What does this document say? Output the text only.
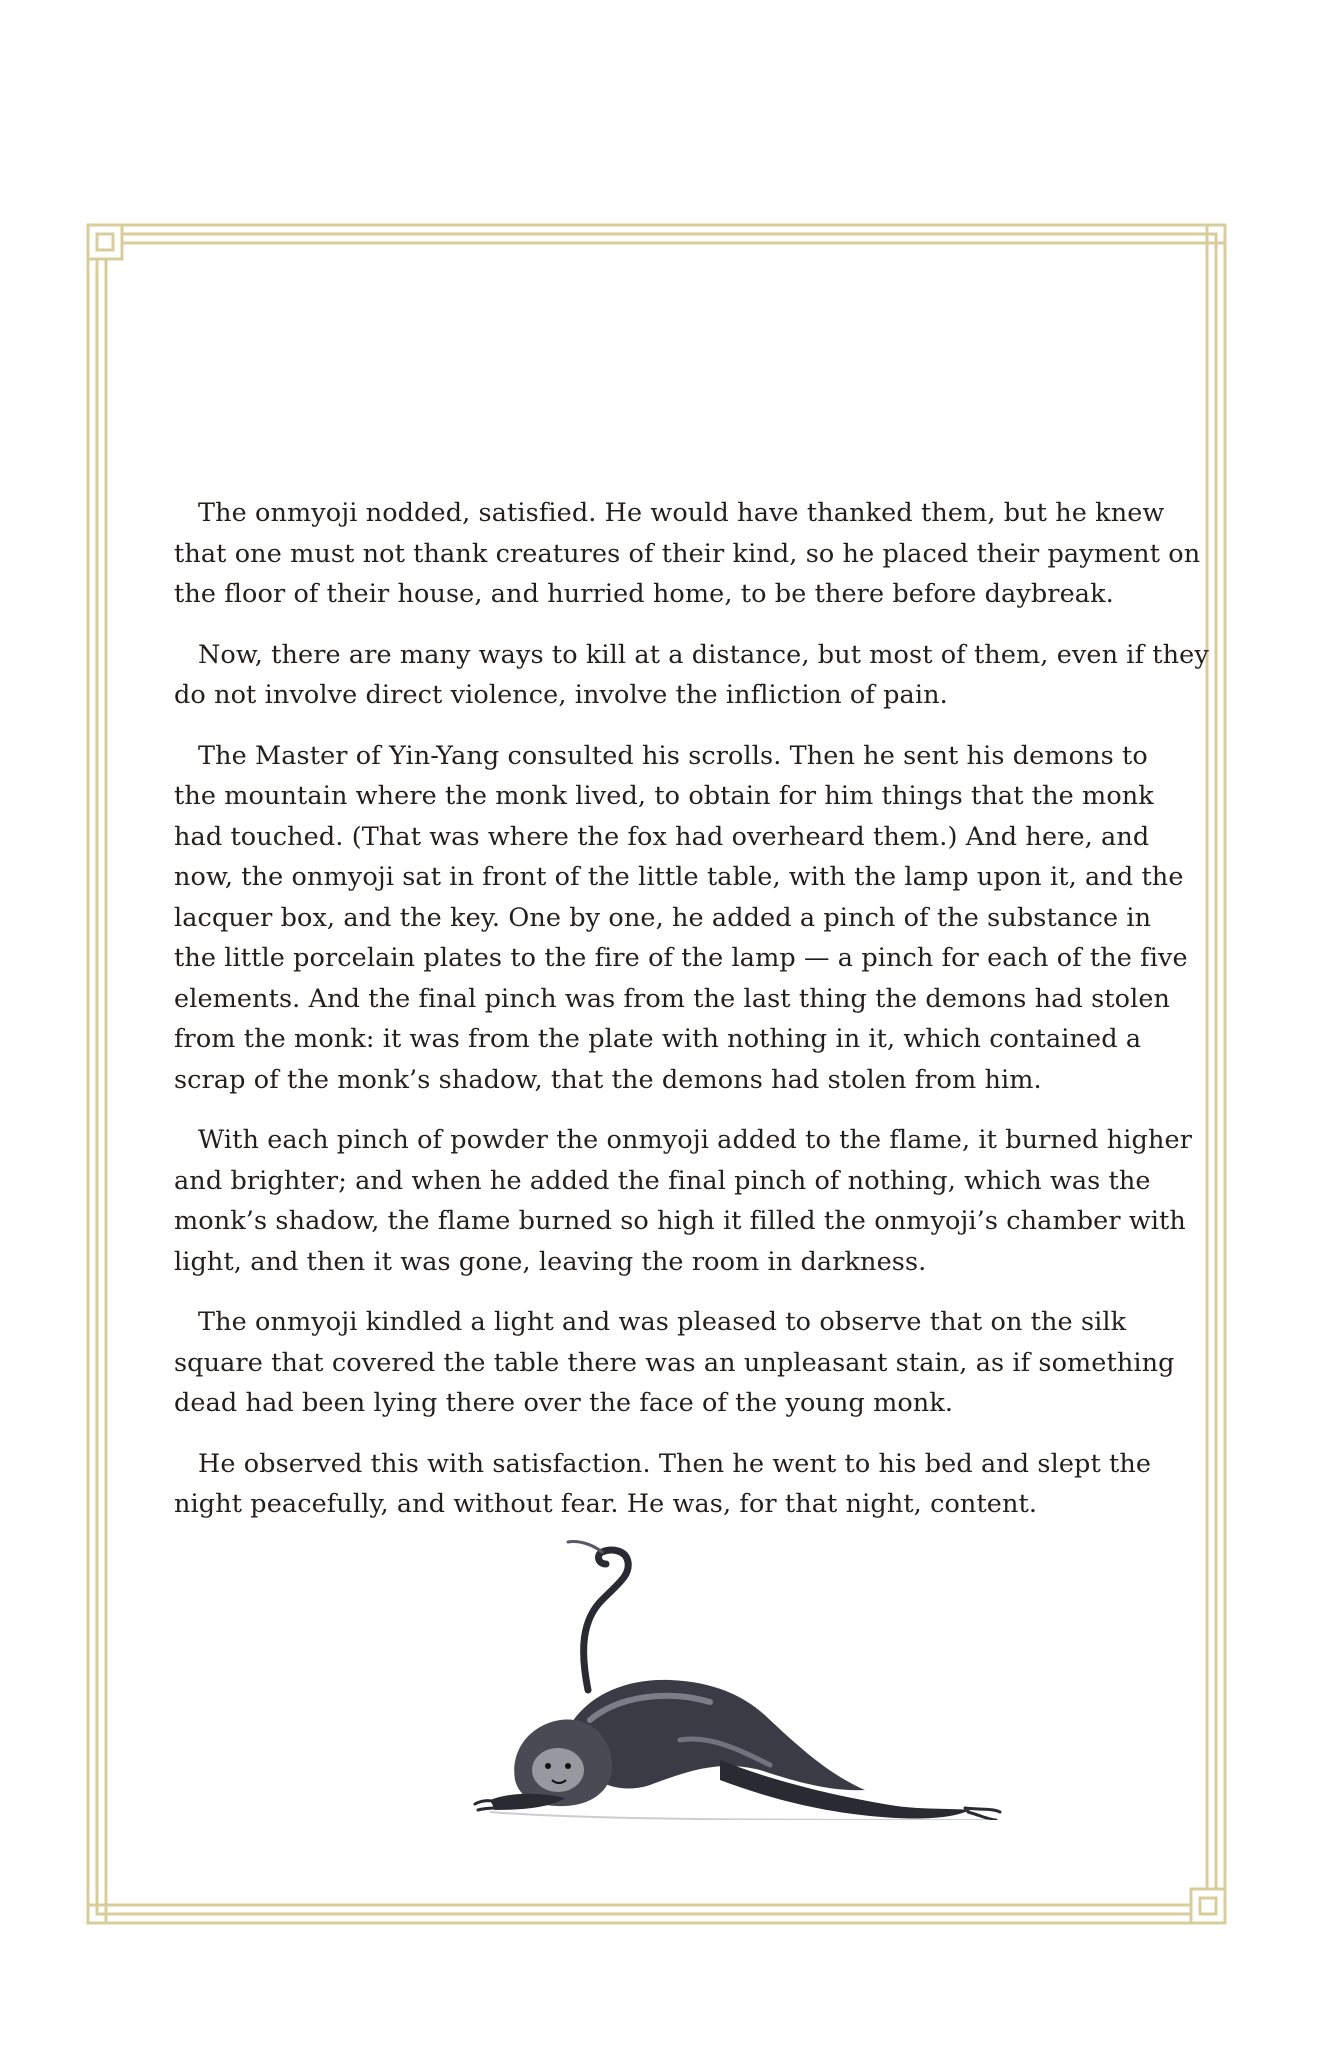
The onmyoji nodded, satisfied. He would have thanked them, but he knew
that one must not thank creatures of their kind, so he placed their payment on
the floor of their house, and hurried home, to be there before daybreak.

Now, there are many ways to kill at a distance, but most of them, even if they
do not involve direct violence, involve the infliction of pain.

The Master of Yin-Yang consulted his scrolls. Then he sent his demons to
the mountain where the monk lived, to obtain for him things that the monk
had touched. (That was where the fox had overheard them.) And here, and
now, the onmyoji sat in front of the little table, with the lamp upon it, and the
lacquer box, and the key. One by one, he added a pinch of the substance in
the little porcelain plates to the fire of the lamp — a pinch for each of the five
elements. And the final pinch was from the last thing the demons had stolen
from the monk: it was from the plate with nothing in it, which contained a
scrap of the monk’s shadow, that the demons had stolen from him.

With each pinch of powder the onmyoji added to the flame, it burned higher
and brighter; and when he added the final pinch of nothing, which was the
monk’s shadow, the flame burned so high it filled the onmyoji’s chamber with
light, and then it was gone, leaving the room in darkness.

The onmyoji kindled a light and was pleased to observe that on the silk
square that covered the table there was an unpleasant stain, as if something
dead had been lying there over the face of the young monk.

He observed this with satisfaction. Then he went to his bed and slept the
night peacefully, and without fear. He was, for that night, content.
